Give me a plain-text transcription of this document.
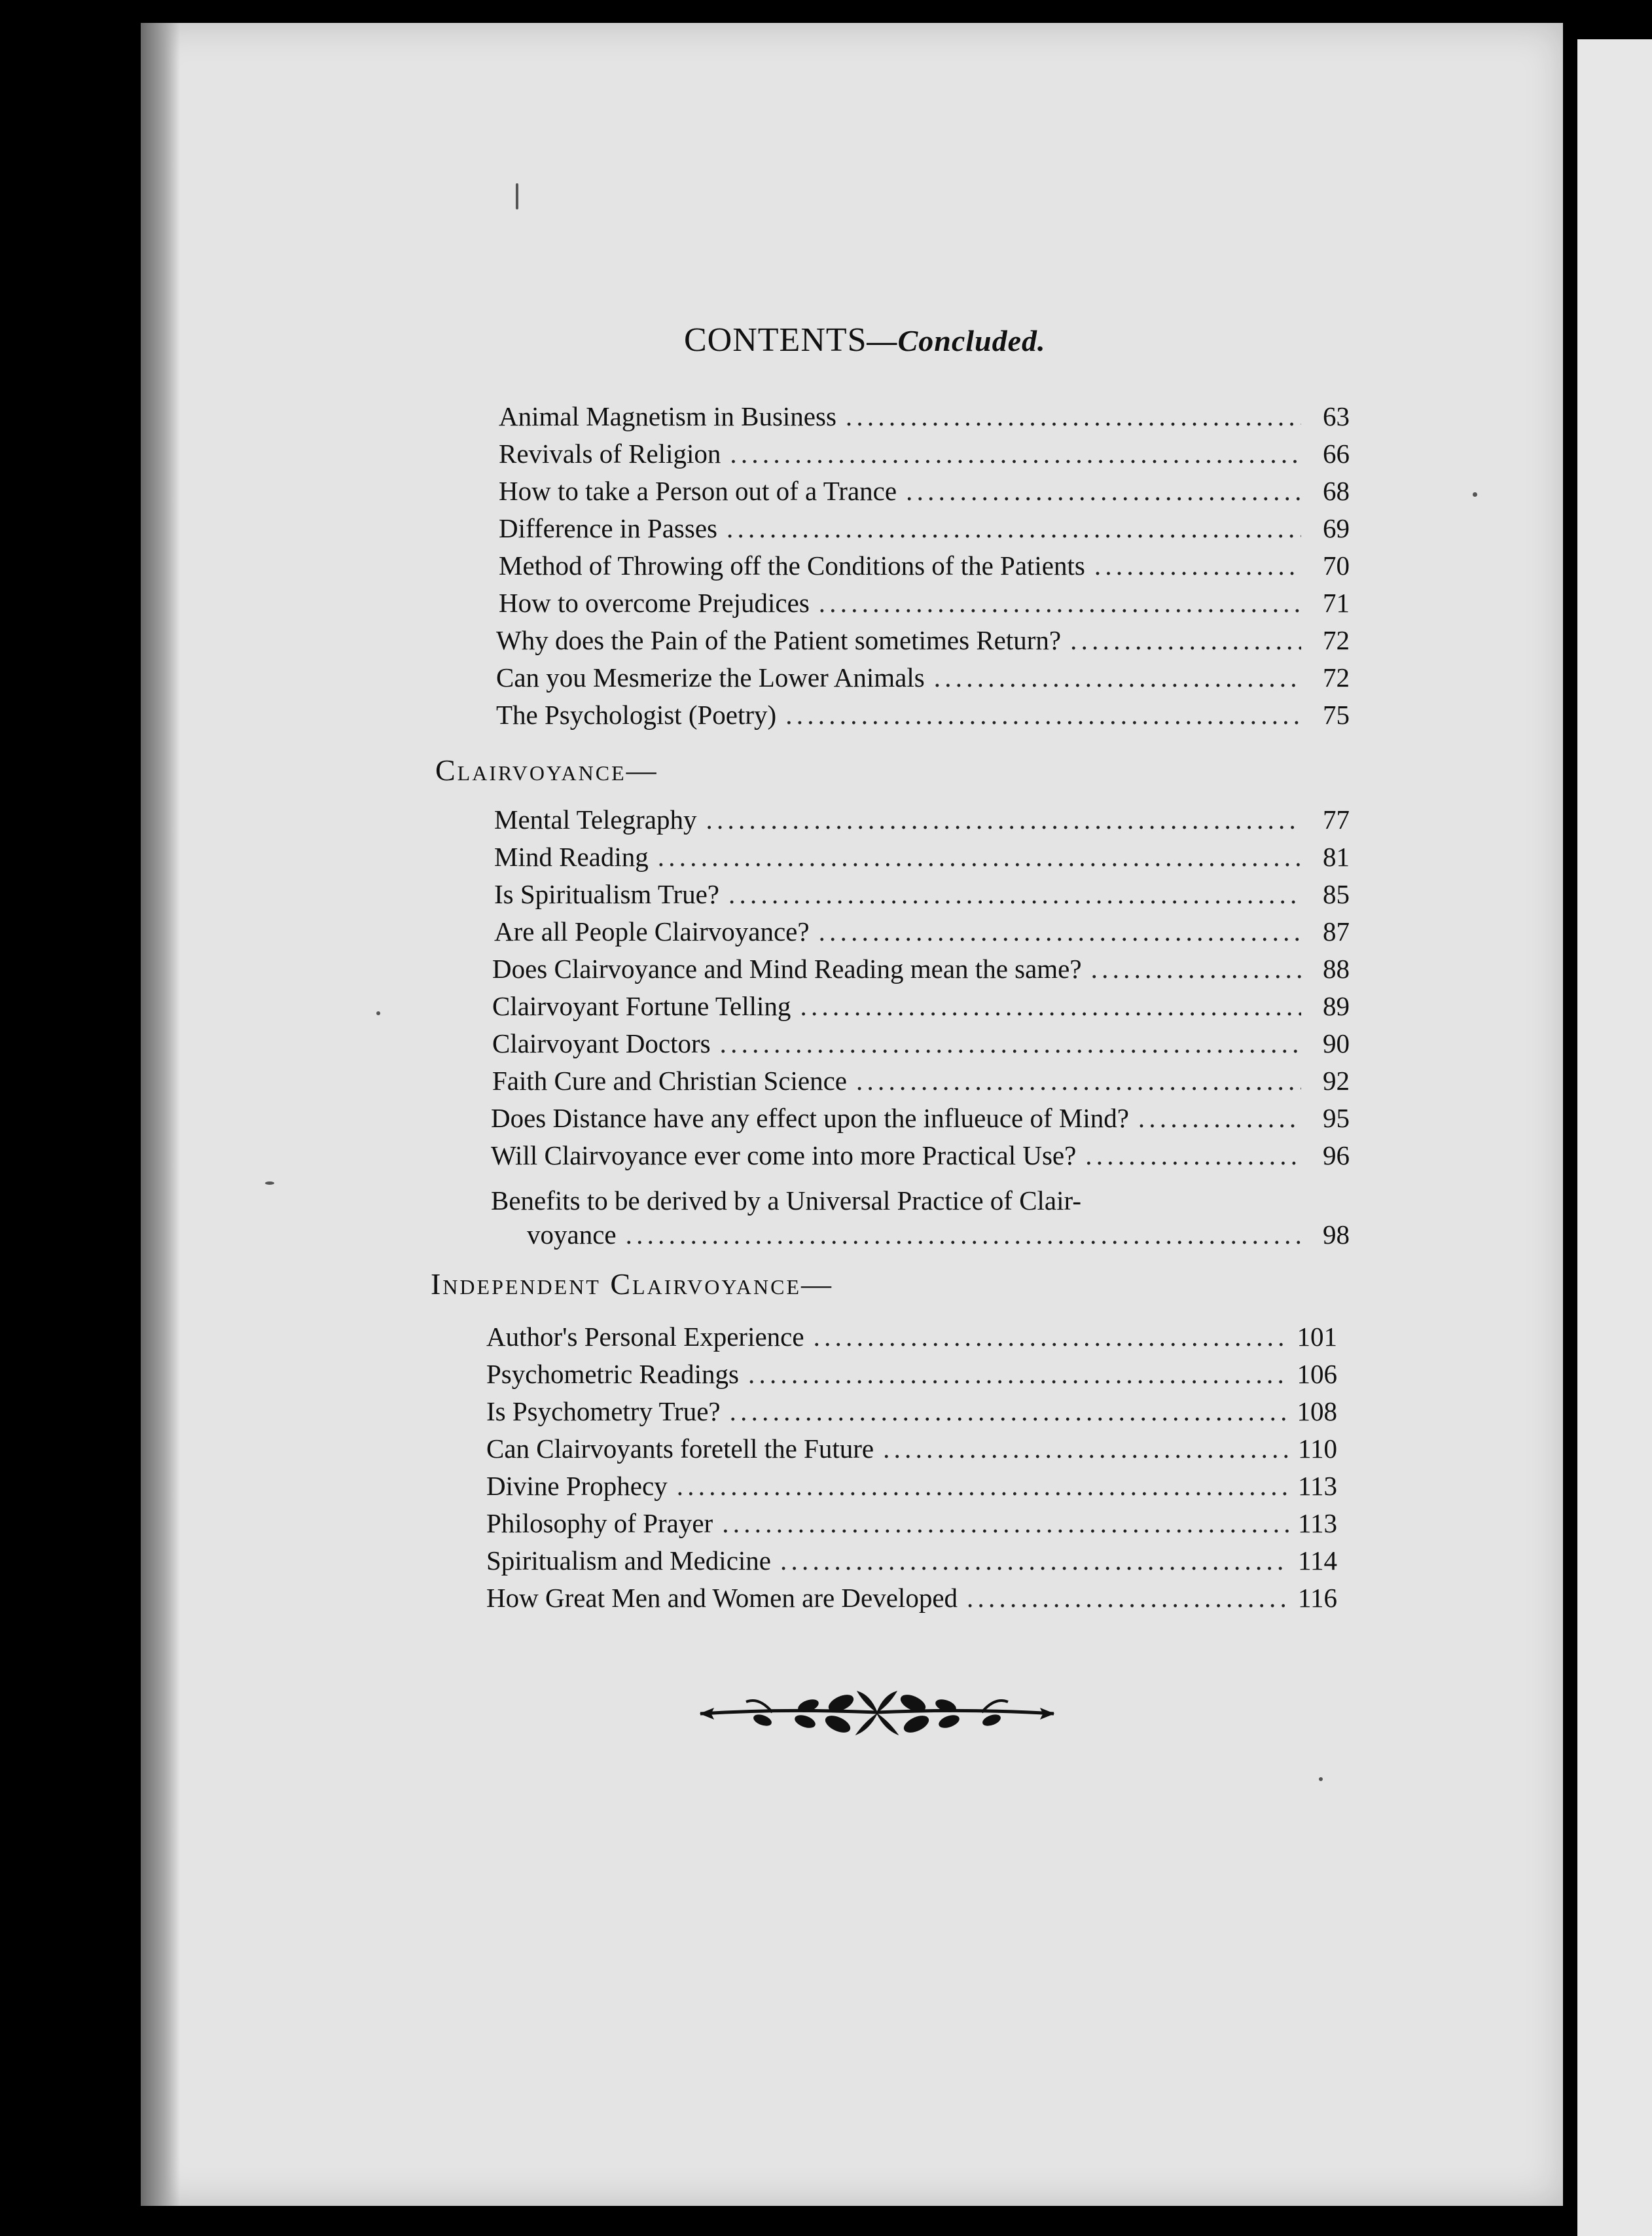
CONTENTS—Concluded.
Animal Magnetism in Business . . .	63
Revivals of Religion . . .	66
How to take a Person out of a Trance . . .	68
Difference in Passes . . .	69
Method of Throwing off the Conditions of the Patients . . .	70
How to overcome Prejudices . . .	71
Why does the Pain of the Patient sometimes Return? . . .	72
Can you Mesmerize the Lower Animals . . .	72
The Psychologist (Poetry) . . .	75
Clairvoyance—
Mental Telegraphy . . .	77
Mind Reading . . .	81
Is Spiritualism True? . . .	85
Are all People Clairvoyance? . . .	87
Does Clairvoyance and Mind Reading mean the same? . . .	88
Clairvoyant Fortune Telling . . .	89
Clairvoyant Doctors . . .	90
Faith Cure and Christian Science . . .	92
Does Distance have any effect upon the influeuce of Mind? . . .	95
Will Clairvoyance ever come into more Practical Use? . . .	96
Benefits to be derived by a Universal Practice of Clair-
voyance . . .	98
Independent Clairvoyance—
Author's Personal Experience . . .	101
Psychometric Readings . . .	106
Is Psychometry True? . . .	108
Can Clairvoyants foretell the Future . . .	110
Divine Prophecy . . .	113
Philosophy of Prayer . . .	113
Spiritualism and Medicine . . .	114
How Great Men and Women are Developed . . .	116
